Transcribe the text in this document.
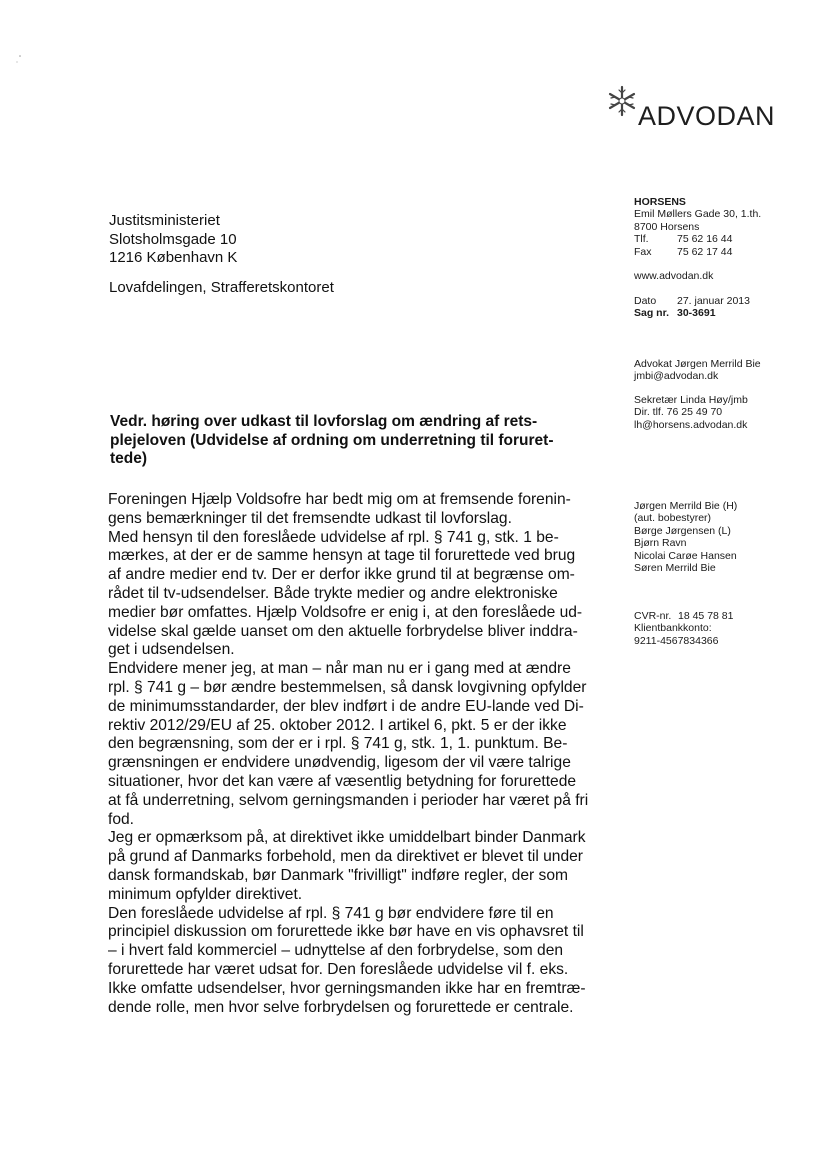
ADVODAN
Justitsministeriet
Slotsholmsgade 10
1216 København K
Lovafdelingen, Strafferetskontoret
HORSENS
Emil Møllers Gade 30, 1.th.
8700 Horsens
Tlf.	75 62 16 44
Fax	75 62 17 44
www.advodan.dk
Dato	27. januar 2013
Sag nr. 30-3691
Advokat Jørgen Merrild Bie
jmbi@advodan.dk
Sekretær Linda Høy/jmb
Dir. tlf. 76 25 49 70
lh@horsens.advodan.dk
Jørgen Merrild Bie (H)
(aut. bobestyrer)
Børge Jørgensen (L)
Bjørn Ravn
Nicolai Carøe Hansen
Søren Merrild Bie
CVR-nr. 18 45 78 81
Klientbankkonto:
9211-4567834366
Vedr. høring over udkast til lovforslag om ændring af rets-
plejeloven (Udvidelse af ordning om underretning til foruret-
tede)
Foreningen Hjælp Voldsofre har bedt mig om at fremsende forenin-
gens bemærkninger til det fremsendte udkast til lovforslag.
Med hensyn til den foreslåede udvidelse af rpl. § 741 g, stk. 1 be-
mærkes, at der er de samme hensyn at tage til forurettede ved brug
af andre medier end tv. Der er derfor ikke grund til at begrænse om-
rådet til tv-udsendelser. Både trykte medier og andre elektroniske
medier bør omfattes. Hjælp Voldsofre er enig i, at den foreslåede ud-
videlse skal gælde uanset om den aktuelle forbrydelse bliver inddra-
get i udsendelsen.
Endvidere mener jeg, at man – når man nu er i gang med at ændre
rpl. § 741 g – bør ændre bestemmelsen, så dansk lovgivning opfylder
de minimumsstandarder, der blev indført i de andre EU-lande ved Di-
rektiv 2012/29/EU af 25. oktober 2012. I artikel 6, pkt. 5 er der ikke
den begrænsning, som der er i rpl. § 741 g, stk. 1, 1. punktum. Be-
grænsningen er endvidere unødvendig, ligesom der vil være talrige
situationer, hvor det kan være af væsentlig betydning for forurettede
at få underretning, selvom gerningsmanden i perioder har været på fri
fod.
Jeg er opmærksom på, at direktivet ikke umiddelbart binder Danmark
på grund af Danmarks forbehold, men da direktivet er blevet til under
dansk formandskab, bør Danmark "frivilligt" indføre regler, der som
minimum opfylder direktivet.
Den foreslåede udvidelse af rpl. § 741 g bør endvidere føre til en
principiel diskussion om forurettede ikke bør have en vis ophavsret til
– i hvert fald kommerciel – udnyttelse af den forbrydelse, som den
forurettede har været udsat for. Den foreslåede udvidelse vil f. eks.
Ikke omfatte udsendelser, hvor gerningsmanden ikke har en fremtræ-
dende rolle, men hvor selve forbrydelsen og forurettede er centrale.
